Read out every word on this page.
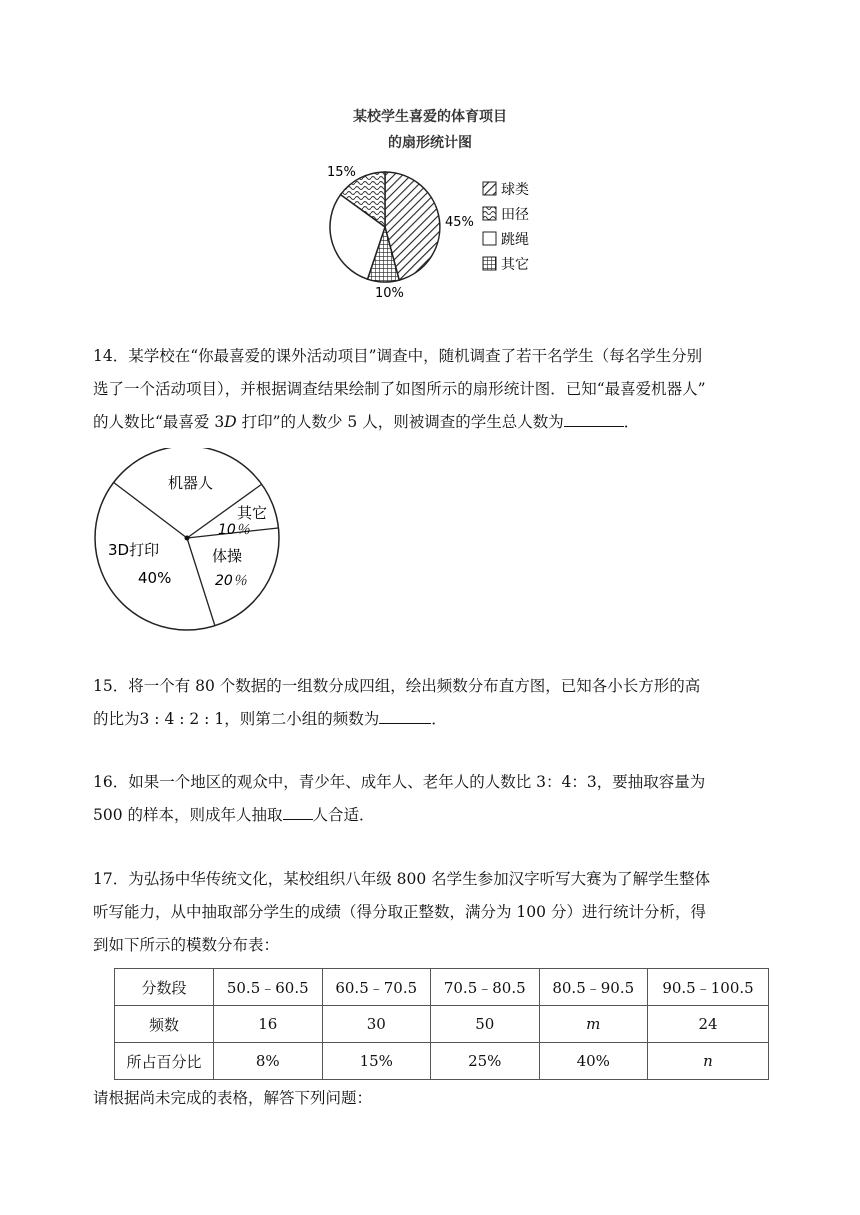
某校学生喜爱的体育项目
的扇形统计图
15%
45%
10%
球类
田径
跳绳
其它
14．某学校在“你最喜爱的课外活动项目”调查中，随机调查了若干名学生（每名学生分别
选了一个活动项目），并根据调查结果绘制了如图所示的扇形统计图．已知“最喜爱机器人”
的人数比“最喜爱 3D 打印”的人数少 5 人，则被调查的学生总人数为	．
机器人
其它
10％
体操
20％
3D打印
40%
15．将一个有 80 个数据的一组数分成四组，绘出频数分布直方图，已知各小长方形的高
的比为3 : 4 : 2 : 1，则第二小组的频数为	．
16．如果一个地区的观众中，青少年、成年人、老年人的人数比 3：4：3，要抽取容量为
500 的样本，则成年人抽取 人合适．
17．为弘扬中华传统文化，某校组织八年级 800 名学生参加汉字听写大赛为了解学生整体
听写能力，从中抽取部分学生的成绩（得分取正整数，满分为 100 分）进行统计分析，得
到如下所示的模数分布表：
分数段	50.5﹣60.5	60.5﹣70.5	70.5﹣80.5	80.5﹣90.5	90.5﹣100.5
频数	16	30	50	m	24
所占百分比	8%	15%	25%	40%	n
请根据尚未完成的表格，解答下列问题：
